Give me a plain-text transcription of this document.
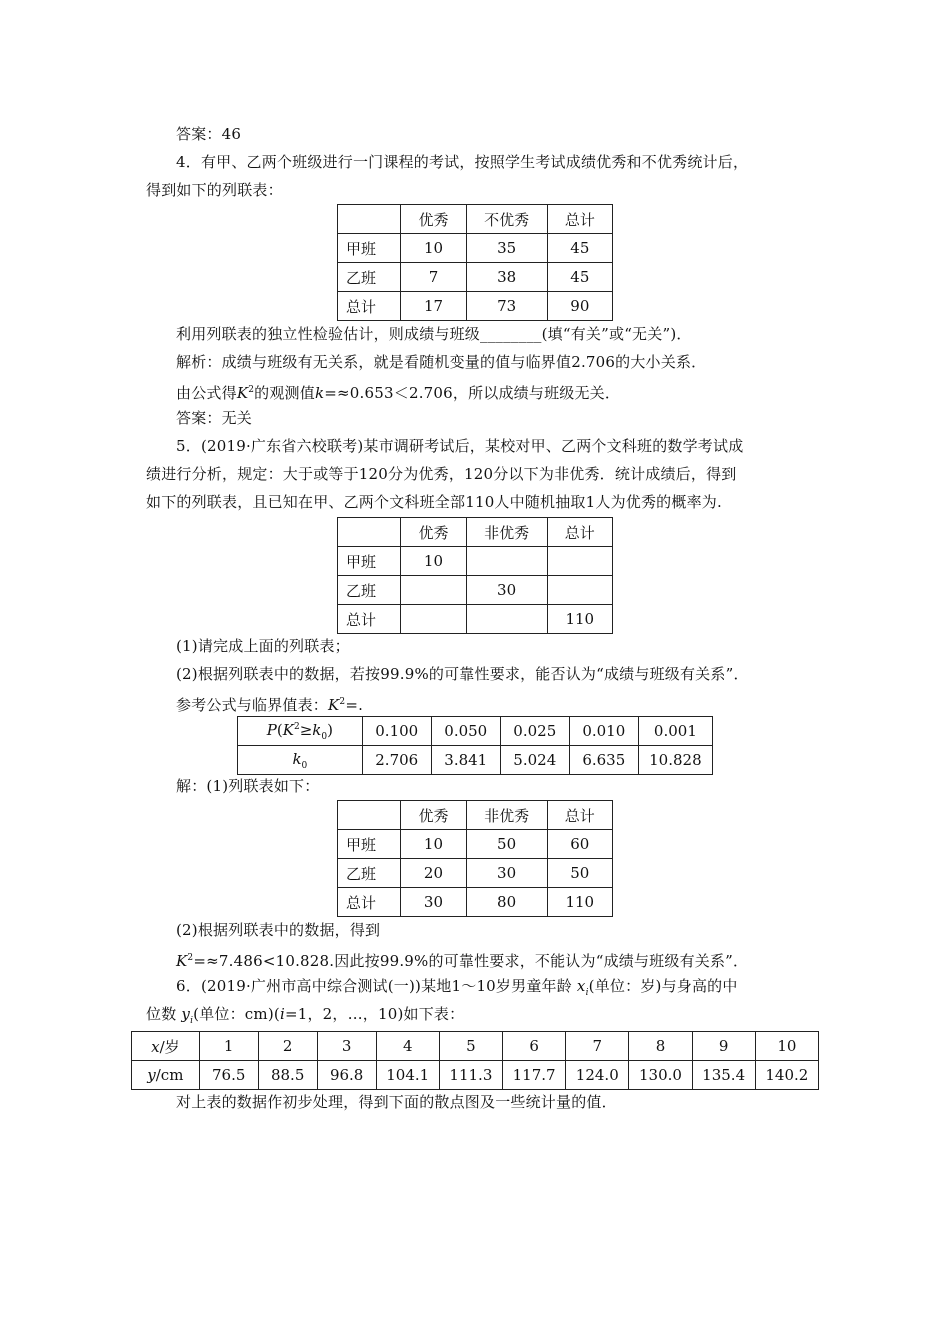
答案：46
4．有甲、乙两个班级进行一门课程的考试，按照学生考试成绩优秀和不优秀统计后，
得到如下的列联表：
	优秀	不优秀	总计
甲班	10	35	45
乙班	7	38	45
总计	17	73	90
利用列联表的独立性检验估计，则成绩与班级________(填“有关”或“无关”)．
解析：成绩与班级有无关系，就是看随机变量的值与临界值2.706的大小关系．
由公式得$K^2$的观测值k=≈0.653＜2.706，所以成绩与班级无关．
答案：无关
5．(2019·广东省六校联考)某市调研考试后，某校对甲、乙两个文科班的数学考试成
绩进行分析，规定：大于或等于120分为优秀，120分以下为非优秀．统计成绩后，得到
如下的列联表，且已知在甲、乙两个文科班全部110人中随机抽取1人为优秀的概率为.
	优秀	非优秀	总计
甲班	10		
乙班		30	
总计			110
(1)请完成上面的列联表；
(2)根据列联表中的数据，若按99.9%的可靠性要求，能否认为“成绩与班级有关系”．
参考公式与临界值表：$K^2=$.
$P(K^2\ge k_0)$	0.100	0.050	0.025	0.010	0.001
$k_0$	2.706	3.841	5.024	6.635	10.828
解：(1)列联表如下：
	优秀	非优秀	总计
甲班	10	50	60
乙班	20	30	50
总计	30	80	110
(2)根据列联表中的数据，得到
$K^2=\approx 7.486<10.828$.因此按99.9%的可靠性要求，不能认为“成绩与班级有关系”．
6．(2019·广州市高中综合测试(一))某地1～10岁男童年龄 $x_i$(单位：岁)与身高的中
位数 $y_i$(单位：cm)(i=1，2，…，10)如下表：
x/岁	1	2	3	4	5	6	7	8	9	10
y/cm	76.5	88.5	96.8	104.1	111.3	117.7	124.0	130.0	135.4	140.2
对上表的数据作初步处理，得到下面的散点图及一些统计量的值．
